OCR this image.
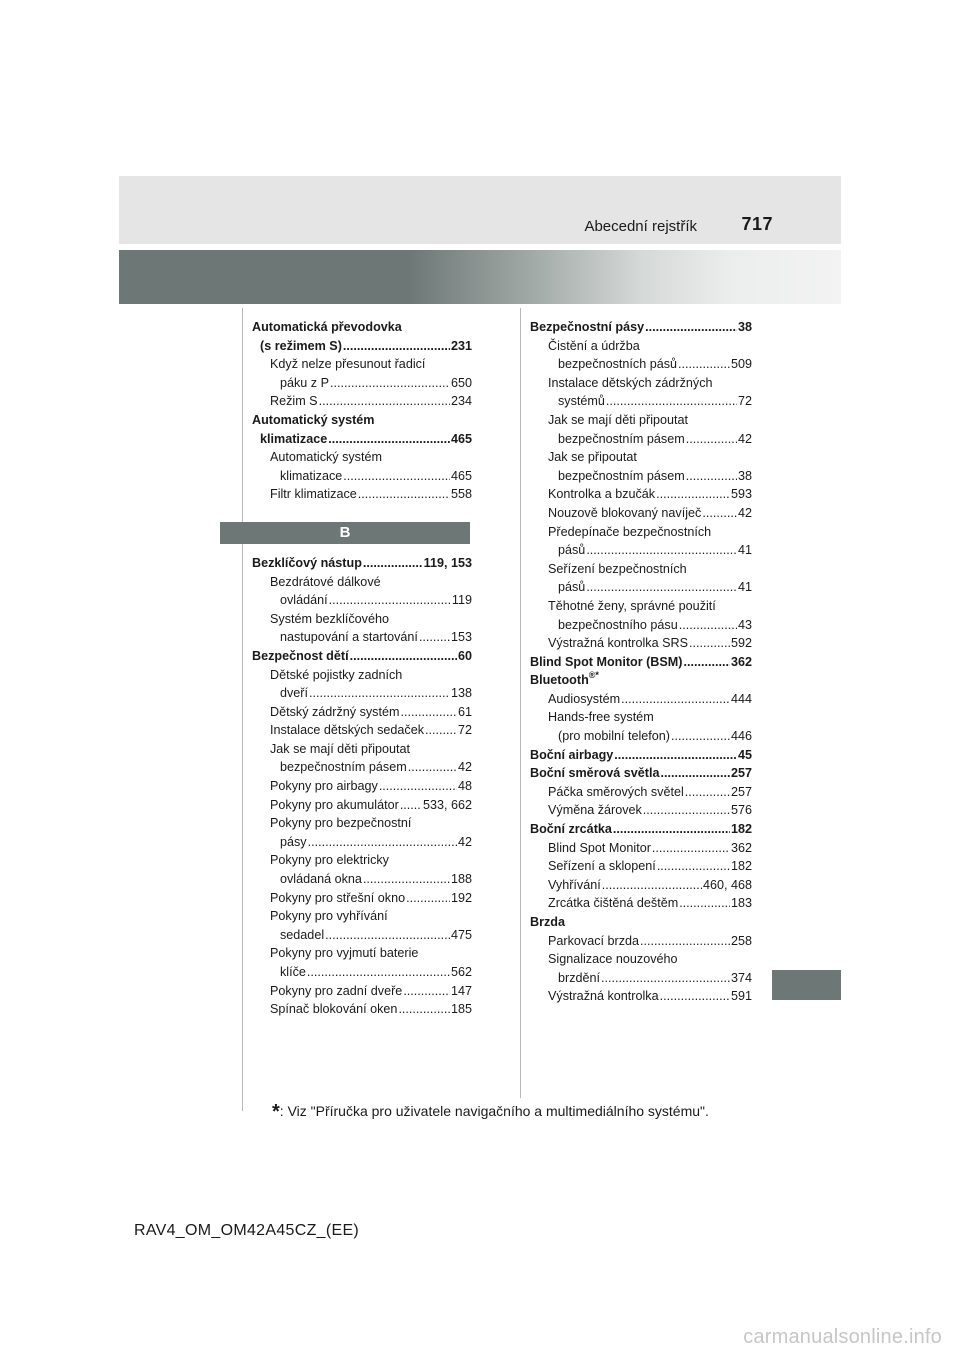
Abecední rejstřík 717
Automatická převodovka
(s režimem S) .....	231
Když nelze přesunout řadicí
páku z P .....	650
Režim S .....	234
Automatický systém
klimatizace .....	465
Automatický systém
klimatizace .....	465
Filtr klimatizace .....	558
B
Bezklíčový nástup .....	119, 153
Bezdrátové dálkové
ovládání .....	119
Systém bezklíčového
nastupování a startování .....	153
Bezpečnost dětí .....	60
Dětské pojistky zadních
dveří .....	138
Dětský zádržný systém .....	61
Instalace dětských sedaček .....	72
Jak se mají děti připoutat
bezpečnostním pásem .....	42
Pokyny pro airbagy .....	48
Pokyny pro akumulátor ..... 533, 662
Pokyny pro bezpečnostní
pásy .....	42
Pokyny pro elektricky
ovládaná okna .....	188
Pokyny pro střešní okno .....	192
Pokyny pro vyhřívání
sedadel .....	475
Pokyny pro vyjmutí baterie
klíče .....	562
Pokyny pro zadní dveře .....	147
Spínač blokování oken .....	185
Bezpečnostní pásy .....	38
Čistění a údržba
bezpečnostních pásů .....	509
Instalace dětských zádržných
systémů .....	72
Jak se mají děti připoutat
bezpečnostním pásem .....	42
Jak se připoutat
bezpečnostním pásem .....	38
Kontrolka a bzučák .....	593
Nouzově blokovaný navíječ .....	42
Předepínače bezpečnostních
pásů .....	41
Seřízení bezpečnostních
pásů .....	41
Těhotné ženy, správné použití
bezpečnostního pásu .....	43
Výstražná kontrolka SRS .....	592
Blind Spot Monitor (BSM) .....	362
Bluetooth®*
Audiosystém .....	444
Hands-free systém
(pro mobilní telefon) .....	446
Boční airbagy .....	45
Boční směrová světla .....	257
Páčka směrových světel .....	257
Výměna žárovek .....	576
Boční zrcátka .....	182
Blind Spot Monitor .....	362
Seřízení a sklopení .....	182
Vyhřívání .....	460, 468
Zrcátka čištěná deštěm .....	183
Brzda
Parkovací brzda .....	258
Signalizace nouzového
brzdění .....	374
Výstražná kontrolka .....	591
*: Viz "Příručka pro uživatele navigačního a multimediálního systému".
RAV4_OM_OM42A45CZ_(EE)
carmanualsonline.info
